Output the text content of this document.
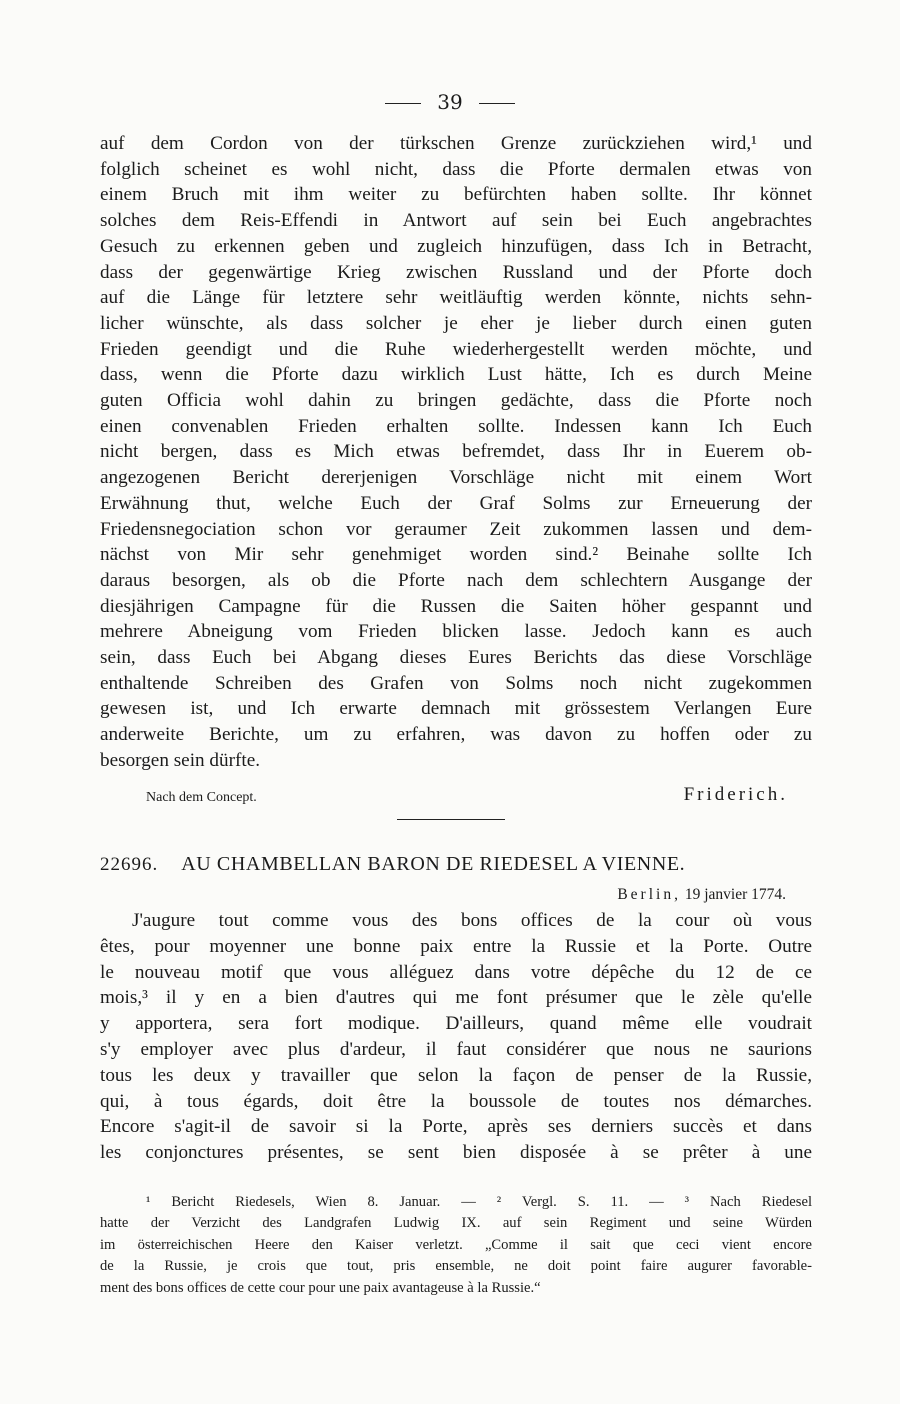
39
auf dem Cordon von der türkschen Grenze zurückziehen wird,¹ und
folglich scheinet es wohl nicht, dass die Pforte dermalen etwas von
einem Bruch mit ihm weiter zu befürchten haben sollte. Ihr könnet
solches dem Reis-Effendi in Antwort auf sein bei Euch angebrachtes
Gesuch zu erkennen geben und zugleich hinzufügen, dass Ich in Betracht,
dass der gegenwärtige Krieg zwischen Russland und der Pforte doch
auf die Länge für letztere sehr weitläuftig werden könnte, nichts sehn-
licher wünschte, als dass solcher je eher je lieber durch einen guten
Frieden geendigt und die Ruhe wiederhergestellt werden möchte, und
dass, wenn die Pforte dazu wirklich Lust hätte, Ich es durch Meine
guten Officia wohl dahin zu bringen gedächte, dass die Pforte noch
einen convenablen Frieden erhalten sollte. Indessen kann Ich Euch
nicht bergen, dass es Mich etwas befremdet, dass Ihr in Euerem ob-
angezogenen Bericht dererjenigen Vorschläge nicht mit einem Wort
Erwähnung thut, welche Euch der Graf Solms zur Erneuerung der
Friedensnegociation schon vor geraumer Zeit zukommen lassen und dem-
nächst von Mir sehr genehmiget worden sind.² Beinahe sollte Ich
daraus besorgen, als ob die Pforte nach dem schlechtern Ausgange der
diesjährigen Campagne für die Russen die Saiten höher gespannt und
mehrere Abneigung vom Frieden blicken lasse. Jedoch kann es auch
sein, dass Euch bei Abgang dieses Eures Berichts das diese Vorschläge
enthaltende Schreiben des Grafen von Solms noch nicht zugekommen
gewesen ist, und Ich erwarte demnach mit grössestem Verlangen Eure
anderweite Berichte, um zu erfahren, was davon zu hoffen oder zu
besorgen sein dürfte.
Nach dem Concept.	Friderich.
22696. AU CHAMBELLAN BARON DE RIEDESEL A VIENNE.
Berlin, 19 janvier 1774.
J'augure tout comme vous des bons offices de la cour où vous
êtes, pour moyenner une bonne paix entre la Russie et la Porte. Outre
le nouveau motif que vous alléguez dans votre dépêche du 12 de ce
mois,³ il y en a bien d'autres qui me font présumer que le zèle qu'elle
y apportera, sera fort modique. D'ailleurs, quand même elle voudrait
s'y employer avec plus d'ardeur, il faut considérer que nous ne saurions
tous les deux y travailler que selon la façon de penser de la Russie,
qui, à tous égards, doit être la boussole de toutes nos démarches.
Encore s'agit-il de savoir si la Porte, après ses derniers succès et dans
les conjonctures présentes, se sent bien disposée à se prêter à une
¹ Bericht Riedesels, Wien 8. Januar. — ² Vergl. S. 11. — ³ Nach Riedesel
hatte der Verzicht des Landgrafen Ludwig IX. auf sein Regiment und seine Würden
im österreichischen Heere den Kaiser verletzt. „Comme il sait que ceci vient encore
de la Russie, je crois que tout, pris ensemble, ne doit point faire augurer favorable-
ment des bons offices de cette cour pour une paix avantageuse à la Russie.“
